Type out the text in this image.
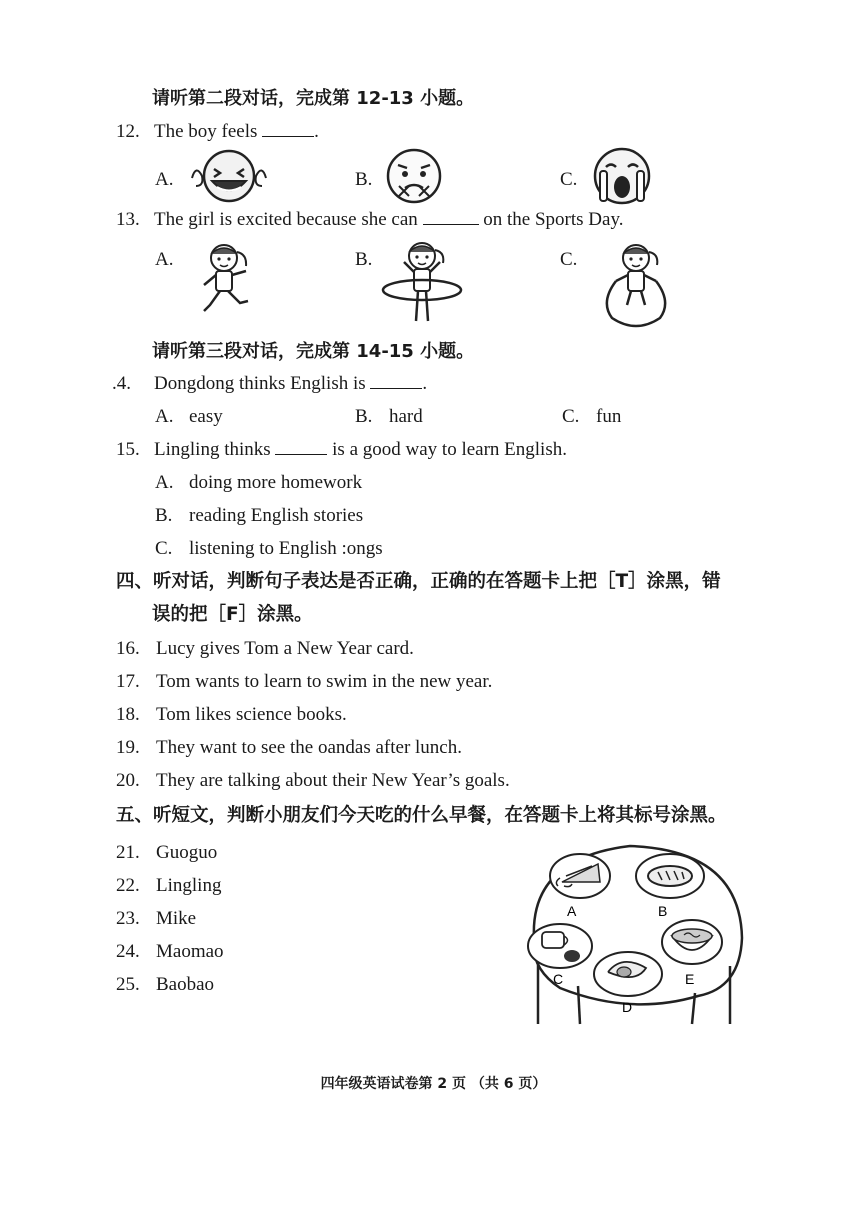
请听第二段对话，完成第 12-13 小题。
12. The boy feels	.
A.	B.	C.
13. The girl is excited because she can	on the Sports Day.
A.	B.	C.
请听第三段对话，完成第 14-15 小题。
.4. Dongdong thinks English is	.
A. easy	B. hard	C. fun
15. Lingling thinks	is a good way to learn English.
A. doing more homework
B. reading English stories
C. listening to English :ongs
四、听对话，判断句子表达是否正确，正确的在答题卡上把［T］涂黑，错
误的把［F］涂黑。
16. Lucy gives Tom a New Year card.
17. Tom wants to learn to swim in the new year.
18. Tom likes science books.
19. They want to see the oandas after lunch.
20. They are talking about their New Year’s goals.
五、听短文，判断小朋友们今天吃的什么早餐，在答题卡上将其标号涂黑。
21. Guoguo
22. Lingling
23. Mike
24. Maomao
25. Baobao
A	B
C
D
E
四年级英语试卷第 2 页 （共 6 页）
